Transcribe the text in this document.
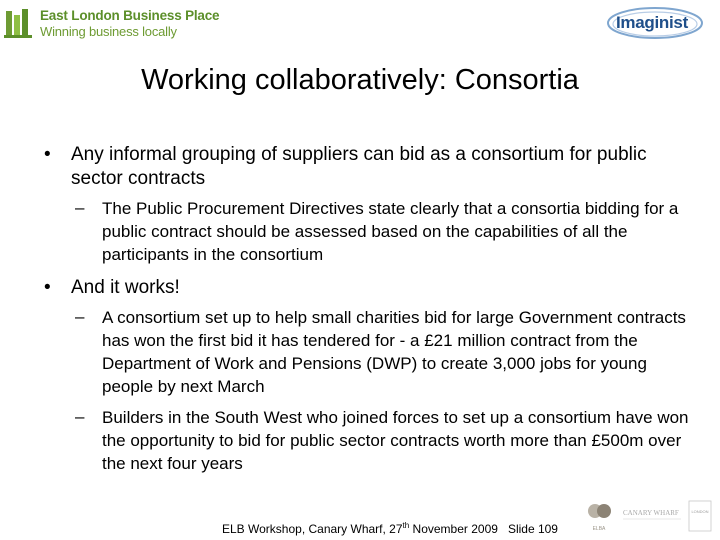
East London Business Place
Winning business locally	Imaginist
Working collaboratively: Consortia
• Any informal grouping of suppliers can bid as a consortium for public sector contracts
– The Public Procurement Directives state clearly that a consortia bidding for a public contract should be assessed based on the capabilities of all the participants in the consortium
• And it works!
– A consortium set up to help small charities bid for large Government contracts has won the first bid it has tendered for - a £21 million contract from the Department of Work and Pensions (DWP) to create 3,000 jobs for young people by next March
– Builders in the South West who joined forces to set up a consortium have won the opportunity to bid for public sector contracts worth more than £500m over the next four years
ELB Workshop, Canary Wharf, 27th November 2009 Slide 109	ELBA
CANARY WHARF	LONDON
